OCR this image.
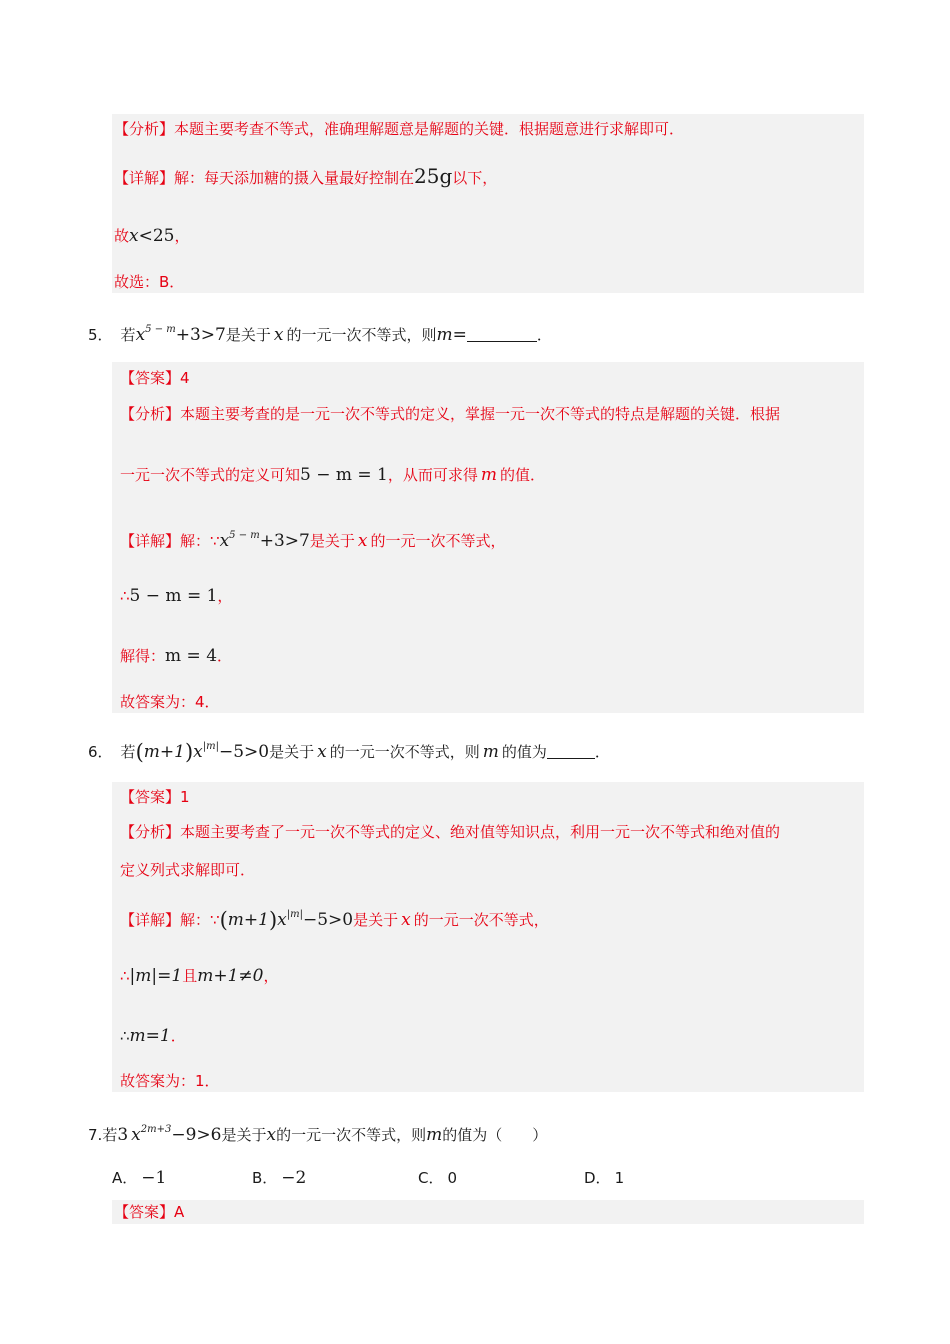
【分析】本题主要考查不等式，准确理解题意是解题的关键．根据题意进行求解即可．
【详解】解：每天添加糖的摄入量最好控制在25g以下，
故x<25，
故选：B．
5． 若$x^{5 - m}+3>7$是关于 x 的一元一次不等式，则m=	．
【答案】4
【分析】本题主要考查的是一元一次不等式的定义，掌握一元一次不等式的特点是解题的关键．根据
一元一次不等式的定义可知5 − m = 1，从而可求得 m 的值．
【详解】解：$\because x^{5 - m}+3>7$是关于 x 的一元一次不等式，
∴5 − m = 1，
解得：m = 4．
故答案为：4．
6． 若$(m+1)x^{|m|}-5>0$是关于 x 的一元一次不等式，则 m 的值为	．
【答案】1
【分析】本题主要考查了一元一次不等式的定义、绝对值等知识点，利用一元一次不等式和绝对值的
定义列式求解即可．
【详解】解：$\because(m+1)x^{|m|}-5>0$是关于 x 的一元一次不等式，
∴|m|=1且m+1≠0，
∴m=1．
故答案为：1．
7.若3 $x^{2m+3}-9>6$是关于x的一元一次不等式，则m的值为（　　）
A． −1	B． −2	C． 0	D． 1
【答案】A
